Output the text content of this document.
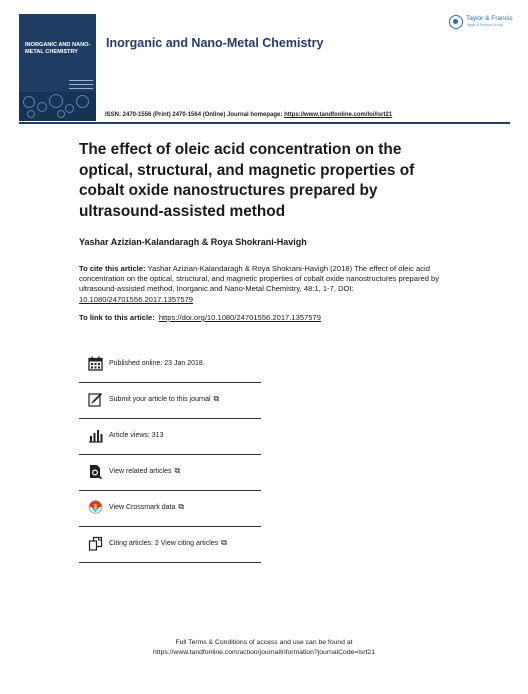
INORGANIC AND NANO-METAL CHEMISTRY
Inorganic and Nano-Metal Chemistry
Taylor & Francis
Taylor & Francis Group
ISSN: 2470-1556 (Print) 2470-1564 (Online) Journal homepage: https://www.tandfonline.com/loi/lsrt21
The effect of oleic acid concentration on the optical, structural, and magnetic properties of cobalt oxide nanostructures prepared by ultrasound-assisted method
Yashar Azizian-Kalandaragh & Roya Shokrani-Havigh
To cite this article: Yashar Azizian-Kalandaragh & Roya Shokrani-Havigh (2018) The effect of oleic acid concentration on the optical, structural, and magnetic properties of cobalt oxide nanostructures prepared by ultrasound-assisted method, Inorganic and Nano-Metal Chemistry, 48:1, 1-7, DOI: 10.1080/24701556.2017.1357579
To link to this article: https://doi.org/10.1080/24701556.2017.1357579
Published online: 23 Jan 2018.
Submit your article to this journal ⧉
Article views: 313
View related articles ⧉
View Crossmark data ⧉
Citing articles: 2 View citing articles ⧉
Full Terms & Conditions of access and use can be found at
https://www.tandfonline.com/action/journalInformation?journalCode=lsrt21
